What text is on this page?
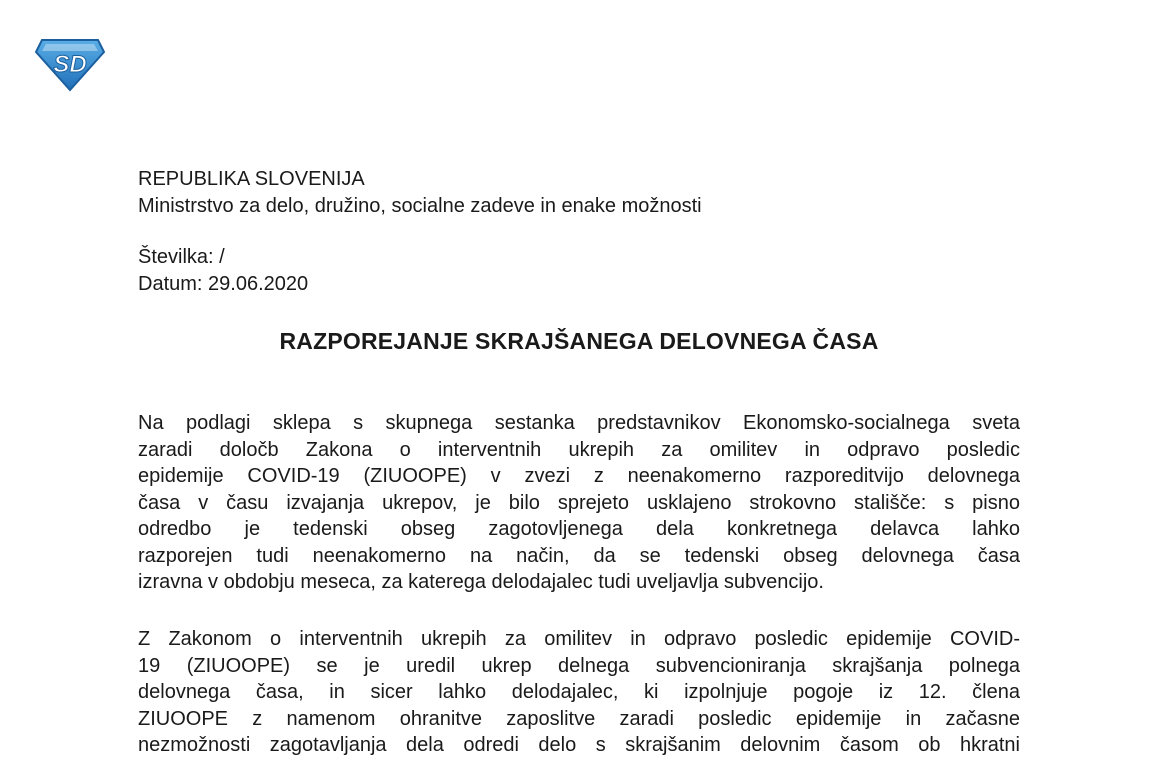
SD
REPUBLIKA SLOVENIJA
Ministrstvo za delo, družino, socialne zadeve in enake možnosti
Številka: /
Datum: 29.06.2020
RAZPOREJANJE SKRAJŠANEGA DELOVNEGA ČASA

Na podlagi sklepa s skupnega sestanka predstavnikov Ekonomsko-socialnega sveta
zaradi določb Zakona o interventnih ukrepih za omilitev in odpravo posledic
epidemije COVID-19 (ZIUOOPE) v zvezi z neenakomerno razporeditvijo delovnega
časa v času izvajanja ukrepov, je bilo sprejeto usklajeno strokovno stališče: s pisno
odredbo je tedenski obseg zagotovljenega dela konkretnega delavca lahko
razporejen tudi neenakomerno na način, da se tedenski obseg delovnega časa
izravna v obdobju meseca, za katerega delodajalec tudi uveljavlja subvencijo.

Z Zakonom o interventnih ukrepih za omilitev in odpravo posledic epidemije COVID-
19 (ZIUOOPE) se je uredil ukrep delnega subvencioniranja skrajšanja polnega
delovnega časa, in sicer lahko delodajalec, ki izpolnjuje pogoje iz 12. člena
ZIUOOPE z namenom ohranitve zaposlitve zaradi posledic epidemije in začasne
nezmožnosti zagotavljanja dela odredi delo s skrajšanim delovnim časom ob hkratni
